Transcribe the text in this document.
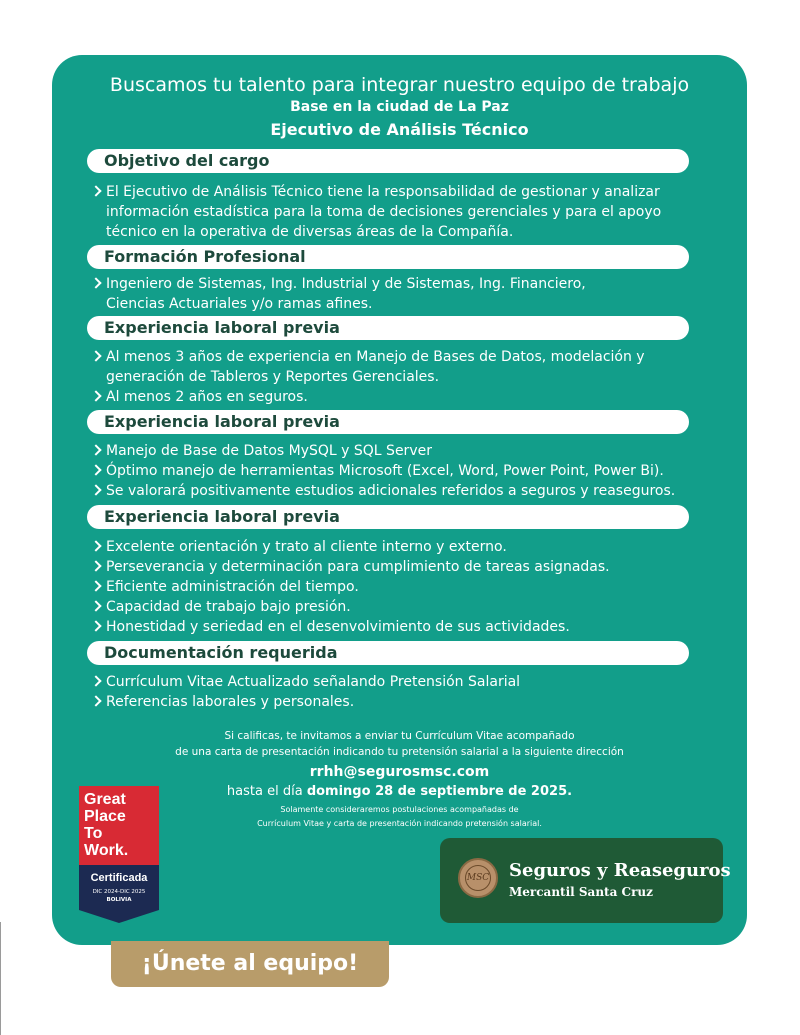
Buscamos tu talento para integrar nuestro equipo de trabajo
Base en la ciudad de La Paz
Ejecutivo de Análisis Técnico
Objetivo del cargo
El Ejecutivo de Análisis Técnico tiene la responsabilidad de gestionar y analizar
información estadística para la toma de decisiones gerenciales y para el apoyo
técnico en la operativa de diversas áreas de la Compañía.
Formación Profesional
Ingeniero de Sistemas, Ing. Industrial y de Sistemas, Ing. Financiero,
Ciencias Actuariales y/o ramas afines.
Experiencia laboral previa
Al menos 3 años de experiencia en Manejo de Bases de Datos, modelación y
generación de Tableros y Reportes Gerenciales.
Al menos 2 años en seguros.
Experiencia laboral previa
Manejo de Base de Datos MySQL y SQL Server
Óptimo manejo de herramientas Microsoft (Excel, Word, Power Point, Power Bi).
Se valorará positivamente estudios adicionales referidos a seguros y reaseguros.
Experiencia laboral previa
Excelente orientación y trato al cliente interno y externo.
Perseverancia y determinación para cumplimiento de tareas asignadas.
Eficiente administración del tiempo.
Capacidad de trabajo bajo presión.
Honestidad y seriedad en el desenvolvimiento de sus actividades.
Documentación requerida
Currículum Vitae Actualizado señalando Pretensión Salarial
Referencias laborales y personales.
Si calificas, te invitamos a enviar tu Currículum Vitae acompañado
de una carta de presentación indicando tu pretensión salarial a la siguiente dirección
rrhh@segurosmsc.com
hasta el día domingo 28 de septiembre de 2025.
Solamente consideraremos postulaciones acompañadas de
Currículum Vitae y carta de presentación indicando pretensión salarial.
Great
Place
To
Work.
Certificada
DIC 2024-DIC 2025
BOLIVIA
MSC Seguros y Reaseguros
Mercantil Santa Cruz
¡Únete al equipo!
